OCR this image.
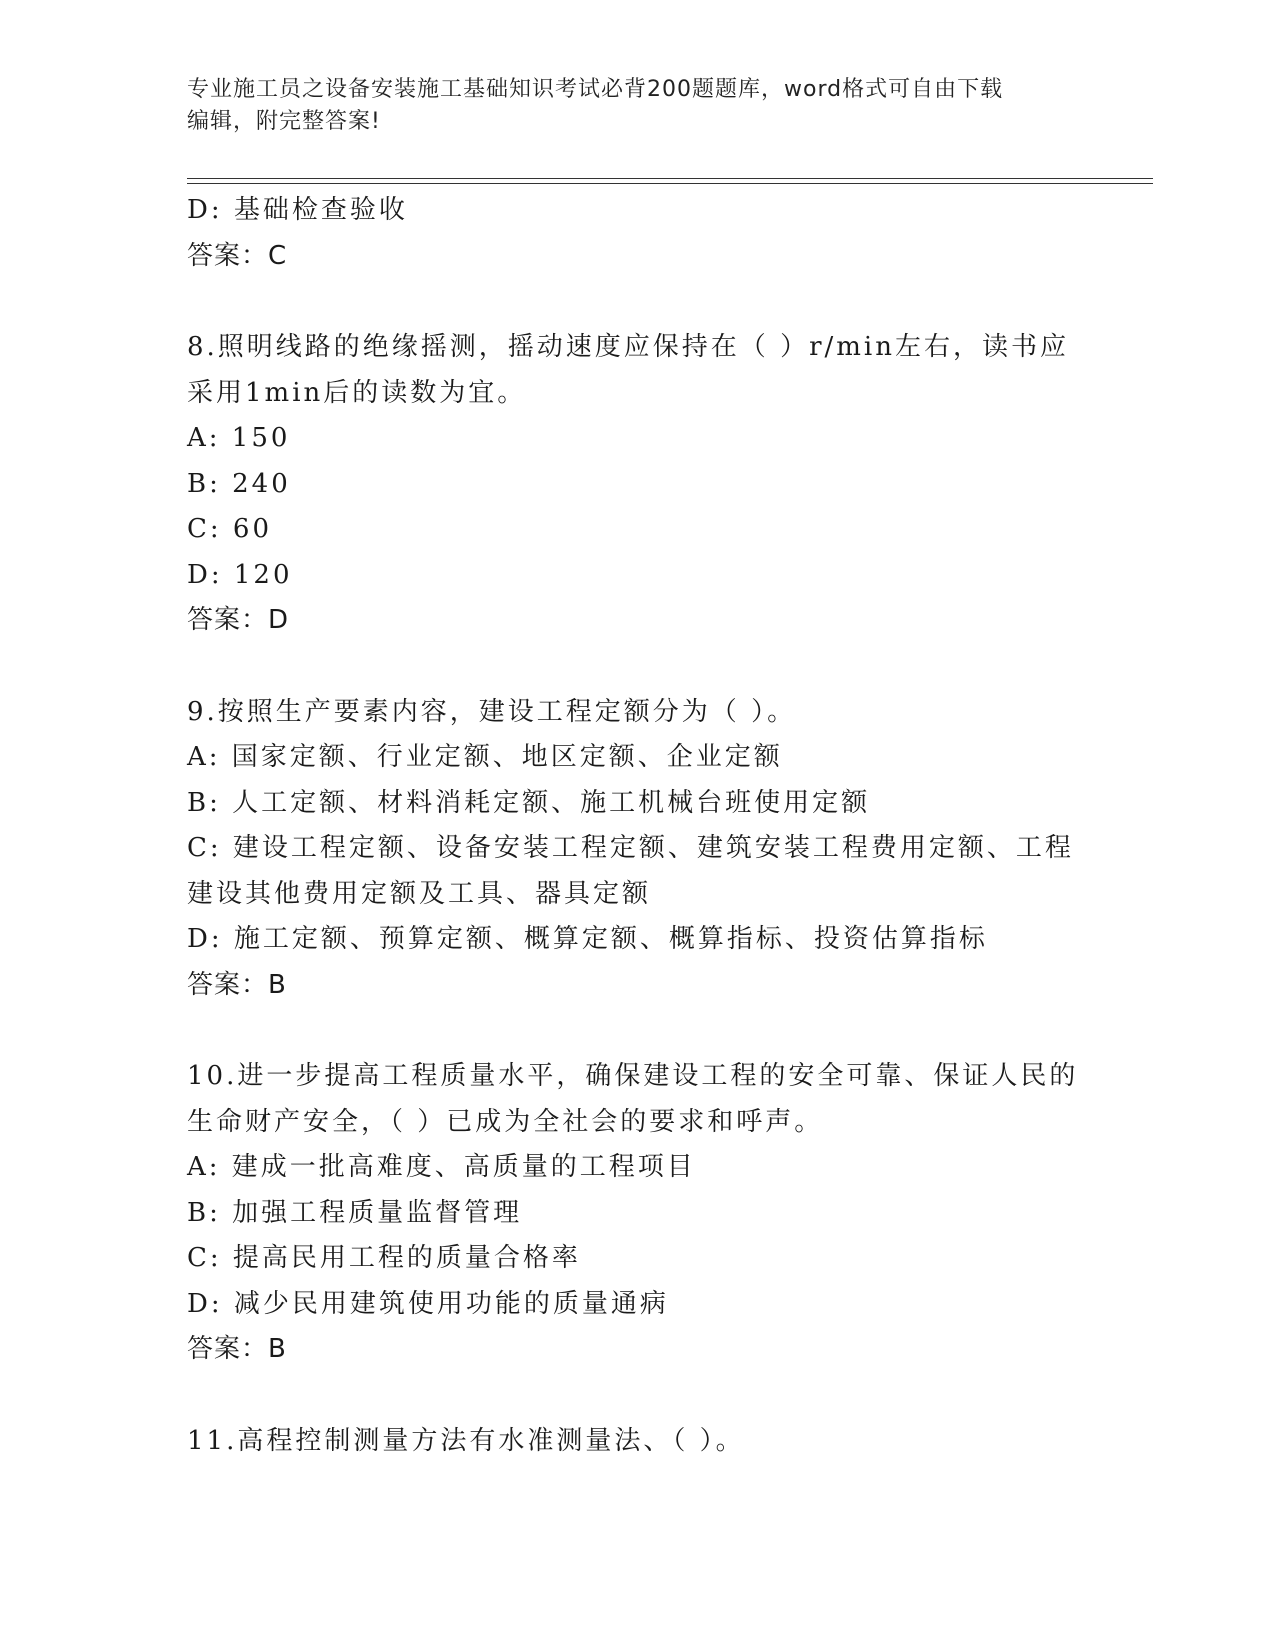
专业施工员之设备安装施工基础知识考试必背200题题库，word格式可自由下载
编辑，附完整答案!
D: 基础检查验收
答案：C
8.照明线路的绝缘摇测，摇动速度应保持在（ ）r/min左右，读书应
采用1min后的读数为宜。
A: 150
B: 240
C: 60
D: 120
答案：D
9.按照生产要素内容，建设工程定额分为（ ）。
A: 国家定额、行业定额、地区定额、企业定额
B: 人工定额、材料消耗定额、施工机械台班使用定额
C: 建设工程定额、设备安装工程定额、建筑安装工程费用定额、工程
建设其他费用定额及工具、器具定额
D: 施工定额、预算定额、概算定额、概算指标、投资估算指标
答案：B
10.进一步提高工程质量水平，确保建设工程的安全可靠、保证人民的
生命财产安全，（ ）已成为全社会的要求和呼声。
A: 建成一批高难度、高质量的工程项目
B: 加强工程质量监督管理
C: 提高民用工程的质量合格率
D: 减少民用建筑使用功能的质量通病
答案：B
11.高程控制测量方法有水准测量法、（ ）。
